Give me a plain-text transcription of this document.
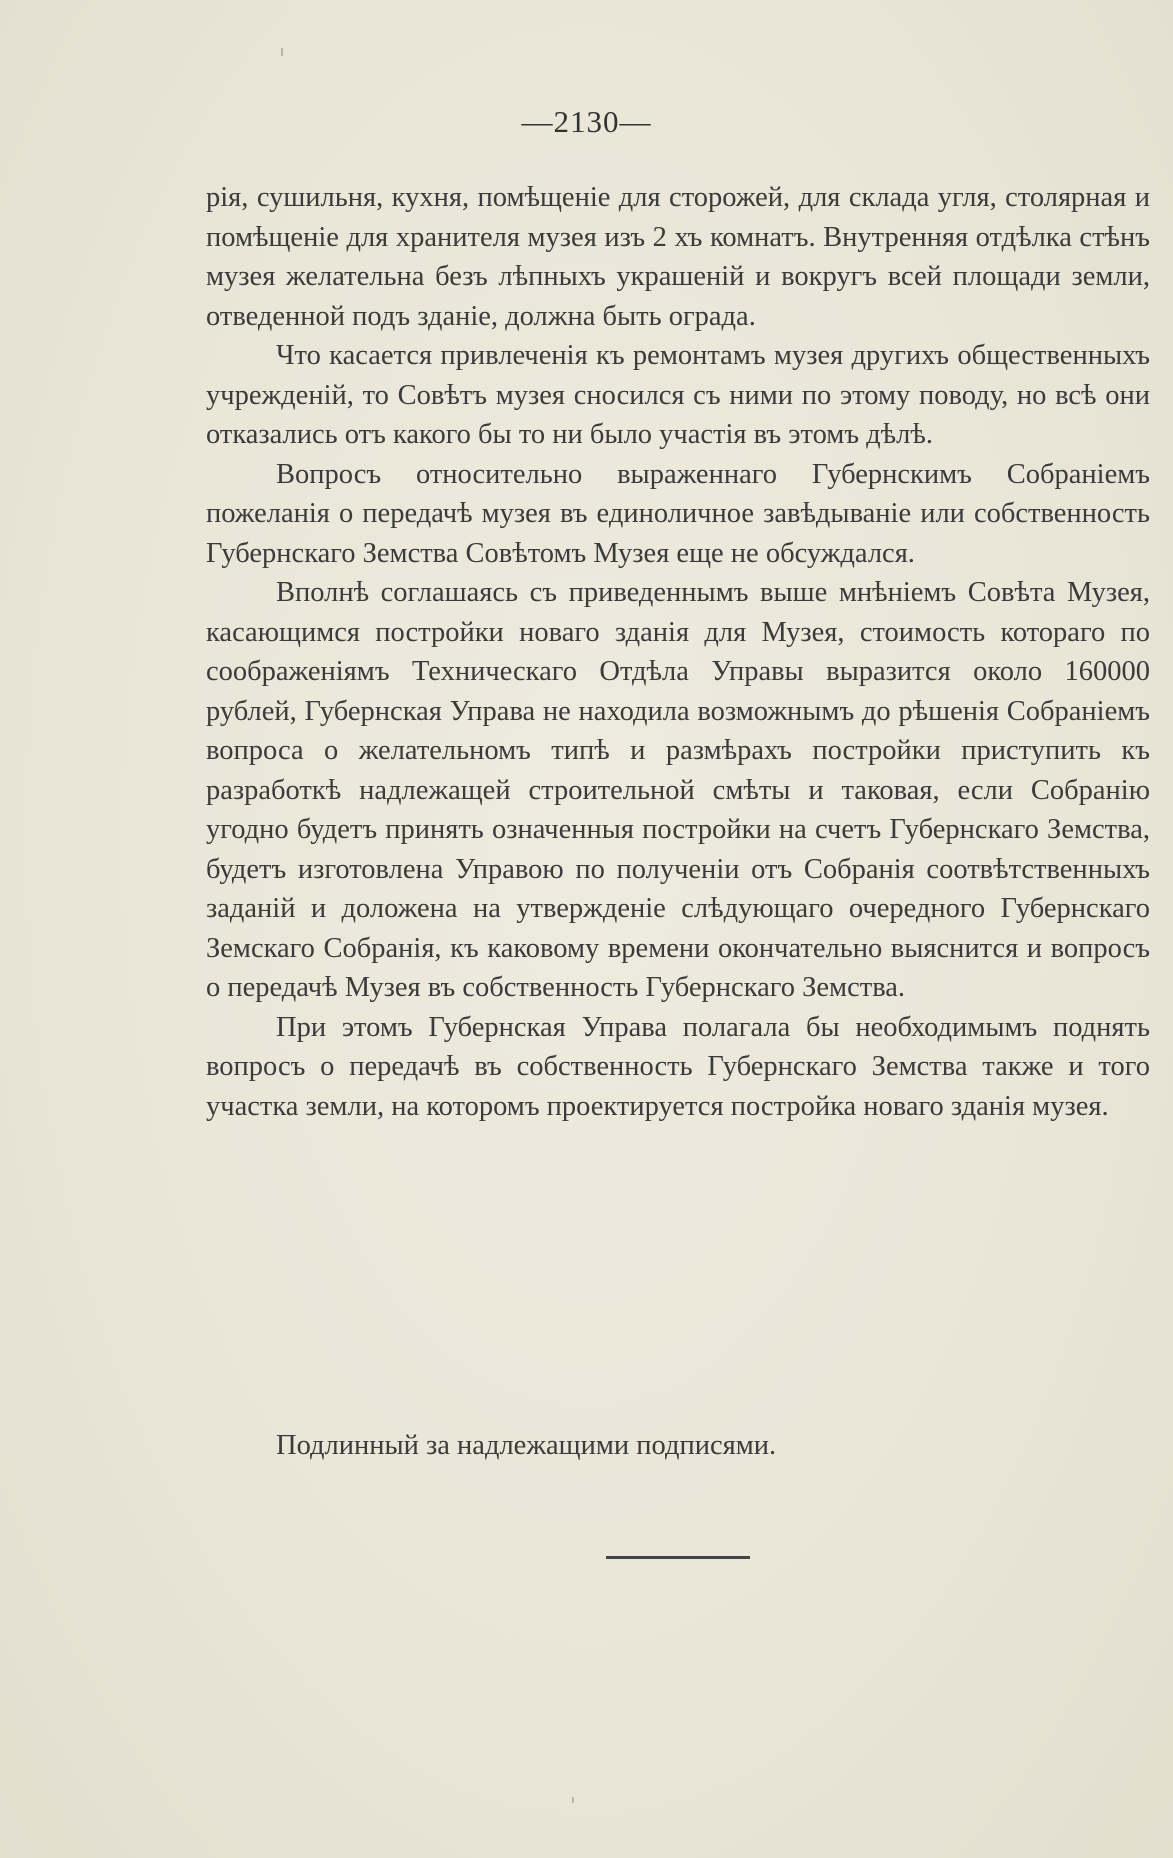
—2130—

рія, сушильня, кухня, помѣщеніе для сторожей, для склада угля, столярная и помѣщеніе для хранителя музея изъ 2 хъ комнатъ. Внутренняя отдѣлка стѣнъ музея желательна безъ лѣпныхъ украшеній и вокругъ всей площади земли, отведенной подъ зданіе, должна быть ограда.

Что касается привлеченія къ ремонтамъ музея другихъ общественныхъ учрежденій, то Совѣтъ музея сносился съ ними по этому поводу, но всѣ они отказались отъ какого бы то ни было участія въ этомъ дѣлѣ.

Вопросъ относительно выраженнаго Губернскимъ Собраніемъ пожеланія о передачѣ музея въ единоличное завѣдываніе или собственность Губернскаго Земства Совѣтомъ Музея еще не обсуждался.

Вполнѣ соглашаясь съ приведеннымъ выше мнѣніемъ Совѣта Музея, касающимся постройки новаго зданія для Музея, стоимость котораго по соображеніямъ Техническаго Отдѣла Управы выразится около 160000 рублей, Губернская Управа не находила возможнымъ до рѣшенія Собраніемъ вопроса о желательномъ типѣ и размѣрахъ постройки приступить къ разработкѣ надлежащей строительной смѣты и таковая, если Собранію угодно будетъ принять означенныя постройки на счетъ Губернскаго Земства, будетъ изготовлена Управою по полученіи отъ Собранія соотвѣтственныхъ заданій и доложена на утвержденіе слѣдующаго очередного Губернскаго Земскаго Собранія, къ каковому времени окончательно выяснится и вопросъ о передачѣ Музея въ собственность Губернскаго Земства.

При этомъ Губернская Управа полагала бы необходимымъ поднять вопросъ о передачѣ въ собственность Губернскаго Земства также и того участка земли, на которомъ проектируется постройка новаго зданія музея.

Подлинный за надлежащими подписями.
